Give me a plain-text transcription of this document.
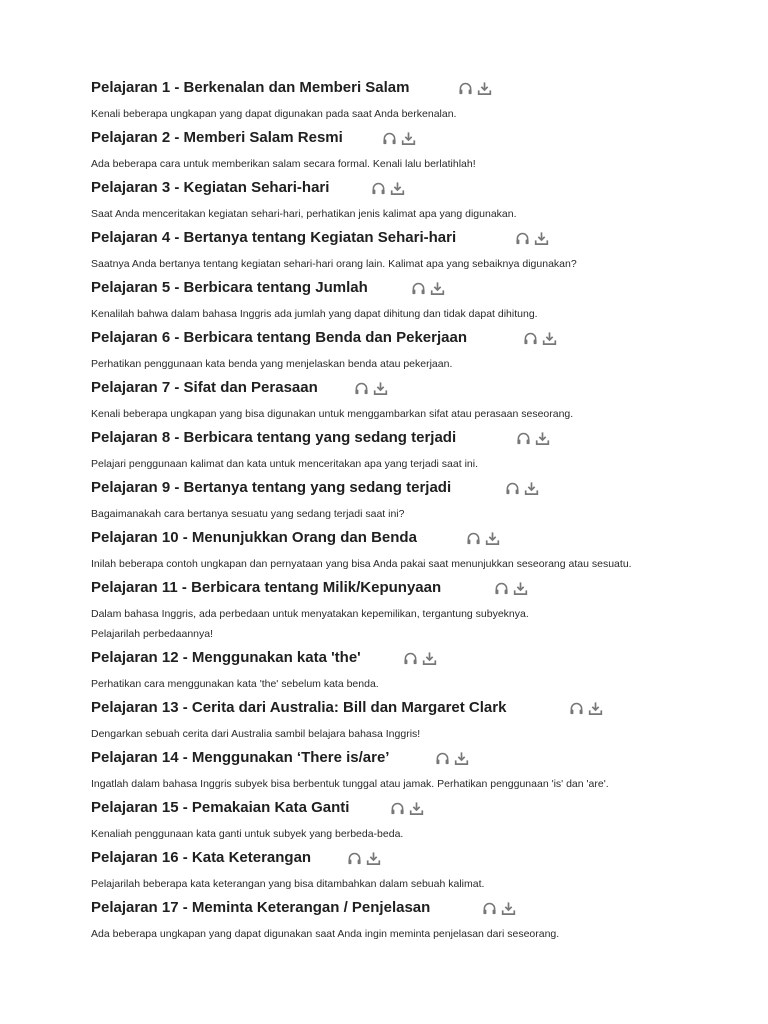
Pelajaran 1 - Berkenalan dan Memberi Salam
Kenali beberapa ungkapan yang dapat digunakan pada saat Anda berkenalan.
Pelajaran 2 - Memberi Salam Resmi
Ada beberapa cara untuk memberikan salam secara formal. Kenali lalu berlatihlah!
Pelajaran 3 - Kegiatan Sehari-hari
Saat Anda menceritakan kegiatan sehari-hari, perhatikan jenis kalimat apa yang digunakan.
Pelajaran 4 - Bertanya tentang Kegiatan Sehari-hari
Saatnya Anda bertanya tentang kegiatan sehari-hari orang lain. Kalimat apa yang sebaiknya digunakan?
Pelajaran 5 - Berbicara tentang Jumlah
Kenalilah bahwa dalam bahasa Inggris ada jumlah yang dapat dihitung dan tidak dapat dihitung.
Pelajaran 6 - Berbicara tentang Benda dan Pekerjaan
Perhatikan penggunaan kata benda yang menjelaskan benda atau pekerjaan.
Pelajaran 7 - Sifat dan Perasaan
Kenali beberapa ungkapan yang bisa digunakan untuk menggambarkan sifat atau perasaan seseorang.
Pelajaran 8 - Berbicara tentang yang sedang terjadi
Pelajari penggunaan kalimat dan kata untuk menceritakan apa yang terjadi saat ini.
Pelajaran 9 - Bertanya tentang yang sedang terjadi
Bagaimanakah cara bertanya sesuatu yang sedang terjadi saat ini?
Pelajaran 10 - Menunjukkan Orang dan Benda
Inilah beberapa contoh ungkapan dan pernyataan yang bisa Anda pakai saat menunjukkan seseorang atau sesuatu.
Pelajaran 11 - Berbicara tentang Milik/Kepunyaan
Dalam bahasa Inggris, ada perbedaan untuk menyatakan kepemilikan, tergantung subyeknya. Pelajarilah perbedaannya!
Pelajaran 12 - Menggunakan kata 'the'
Perhatikan cara menggunakan kata 'the' sebelum kata benda.
Pelajaran 13 - Cerita dari Australia: Bill dan Margaret Clark
Dengarkan sebuah cerita dari Australia sambil belajara bahasa Inggris!
Pelajaran 14 - Menggunakan ‘There is/are’
Ingatlah dalam bahasa Inggris subyek bisa berbentuk tunggal atau jamak. Perhatikan penggunaan 'is' dan 'are'.
Pelajaran 15 - Pemakaian Kata Ganti
Kenaliah penggunaan kata ganti untuk subyek yang berbeda-beda.
Pelajaran 16 - Kata Keterangan
Pelajarilah beberapa kata keterangan yang bisa ditambahkan dalam sebuah kalimat.
Pelajaran 17 - Meminta Keterangan / Penjelasan
Ada beberapa ungkapan yang dapat digunakan saat Anda ingin meminta penjelasan dari seseorang.
